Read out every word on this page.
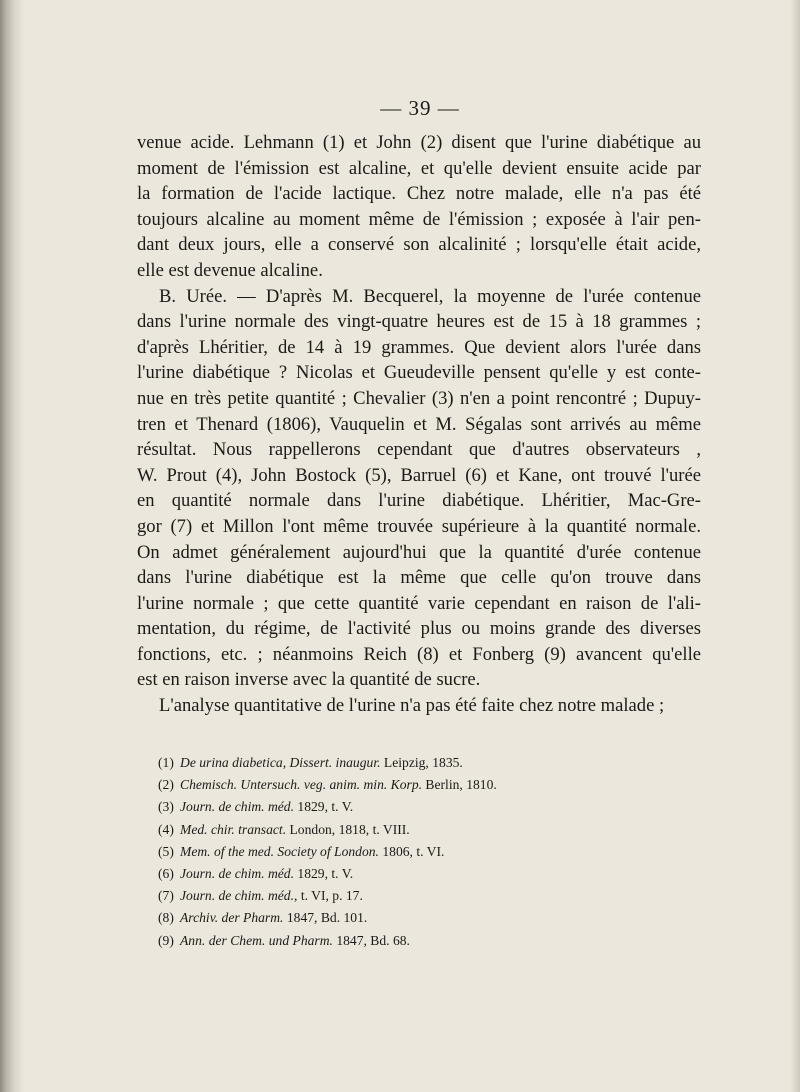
— 39 —
venue acide. Lehmann (1) et John (2) disent que l'urine diabétique au
moment de l'émission est alcaline, et qu'elle devient ensuite acide par
la formation de l'acide lactique. Chez notre malade, elle n'a pas été
toujours alcaline au moment même de l'émission ; exposée à l'air pen-
dant deux jours, elle a conservé son alcalinité ; lorsqu'elle était acide,
elle est devenue alcaline.
B. Urée. — D'après M. Becquerel, la moyenne de l'urée contenue
dans l'urine normale des vingt-quatre heures est de 15 à 18 grammes ;
d'après Lhéritier, de 14 à 19 grammes. Que devient alors l'urée dans
l'urine diabétique ? Nicolas et Gueudeville pensent qu'elle y est conte-
nue en très petite quantité ; Chevalier (3) n'en a point rencontré ; Dupuy-
tren et Thenard (1806), Vauquelin et M. Ségalas sont arrivés au même
résultat. Nous rappellerons cependant que d'autres observateurs ,
W. Prout (4), John Bostock (5), Barruel (6) et Kane, ont trouvé l'urée
en quantité normale dans l'urine diabétique. Lhéritier, Mac-Gre-
gor (7) et Millon l'ont même trouvée supérieure à la quantité normale.
On admet généralement aujourd'hui que la quantité d'urée contenue
dans l'urine diabétique est la même que celle qu'on trouve dans
l'urine normale ; que cette quantité varie cependant en raison de l'ali-
mentation, du régime, de l'activité plus ou moins grande des diverses
fonctions, etc. ; néanmoins Reich (8) et Fonberg (9) avancent qu'elle
est en raison inverse avec la quantité de sucre.
L'analyse quantitative de l'urine n'a pas été faite chez notre malade ;
(1) De urina diabetica, Dissert. inaugur. Leipzig, 1835.
(2) Chemisch. Untersuch. veg. anim. min. Korp. Berlin, 1810.
(3) Journ. de chim. méd. 1829, t. V.
(4) Med. chir. transact. London, 1818, t. VIII.
(5) Mem. of the med. Society of London. 1806, t. VI.
(6) Journ. de chim. méd. 1829, t. V.
(7) Journ. de chim. méd., t. VI, p. 17.
(8) Archiv. der Pharm. 1847, Bd. 101.
(9) Ann. der Chem. und Pharm. 1847, Bd. 68.
